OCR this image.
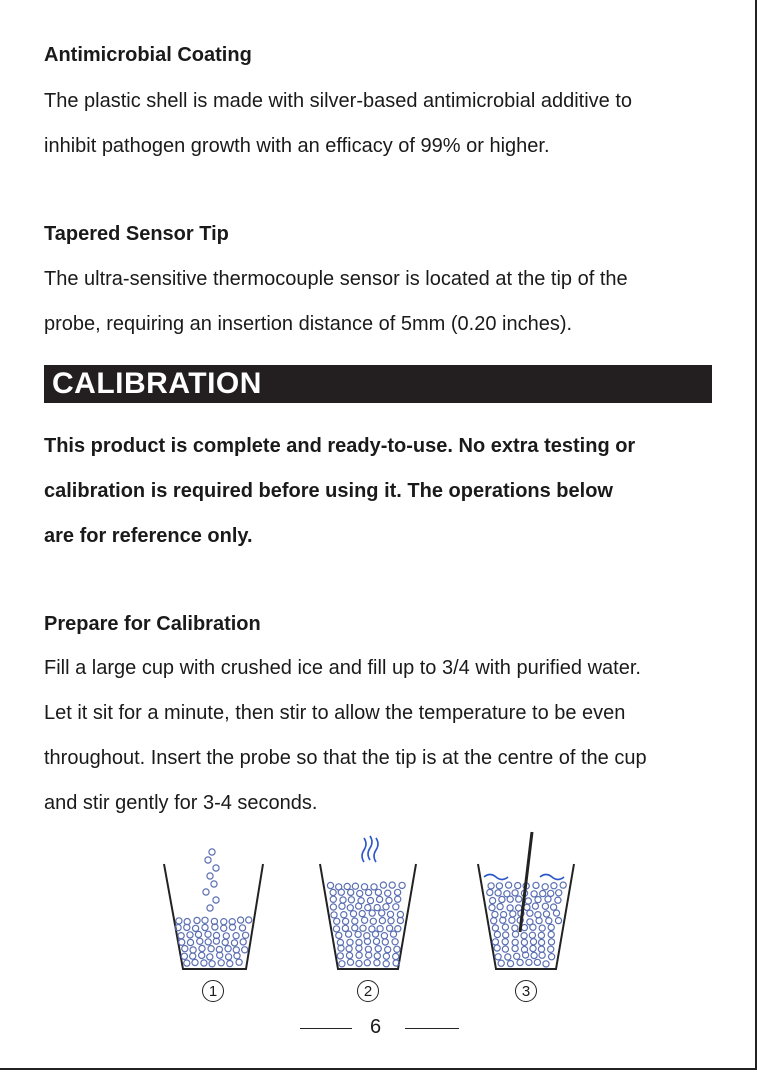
Antimicrobial Coating
The plastic shell is made with silver-based antimicrobial additive to
inhibit pathogen growth with an efficacy of 99% or higher.
Tapered Sensor Tip
The ultra-sensitive thermocouple sensor is located at the tip of the
probe, requiring an insertion distance of 5mm (0.20 inches).
CALIBRATION
This product is complete and ready-to-use. No extra testing or
calibration is required before using it. The operations below
are for reference only.
Prepare for Calibration
Fill a large cup with crushed ice and fill up to 3/4 with purified water.
Let it sit for a minute, then stir to allow the temperature to be even
throughout. Insert the probe so that the tip is at the centre of the cup
and stir gently for 3-4 seconds.
1	2	3
6
